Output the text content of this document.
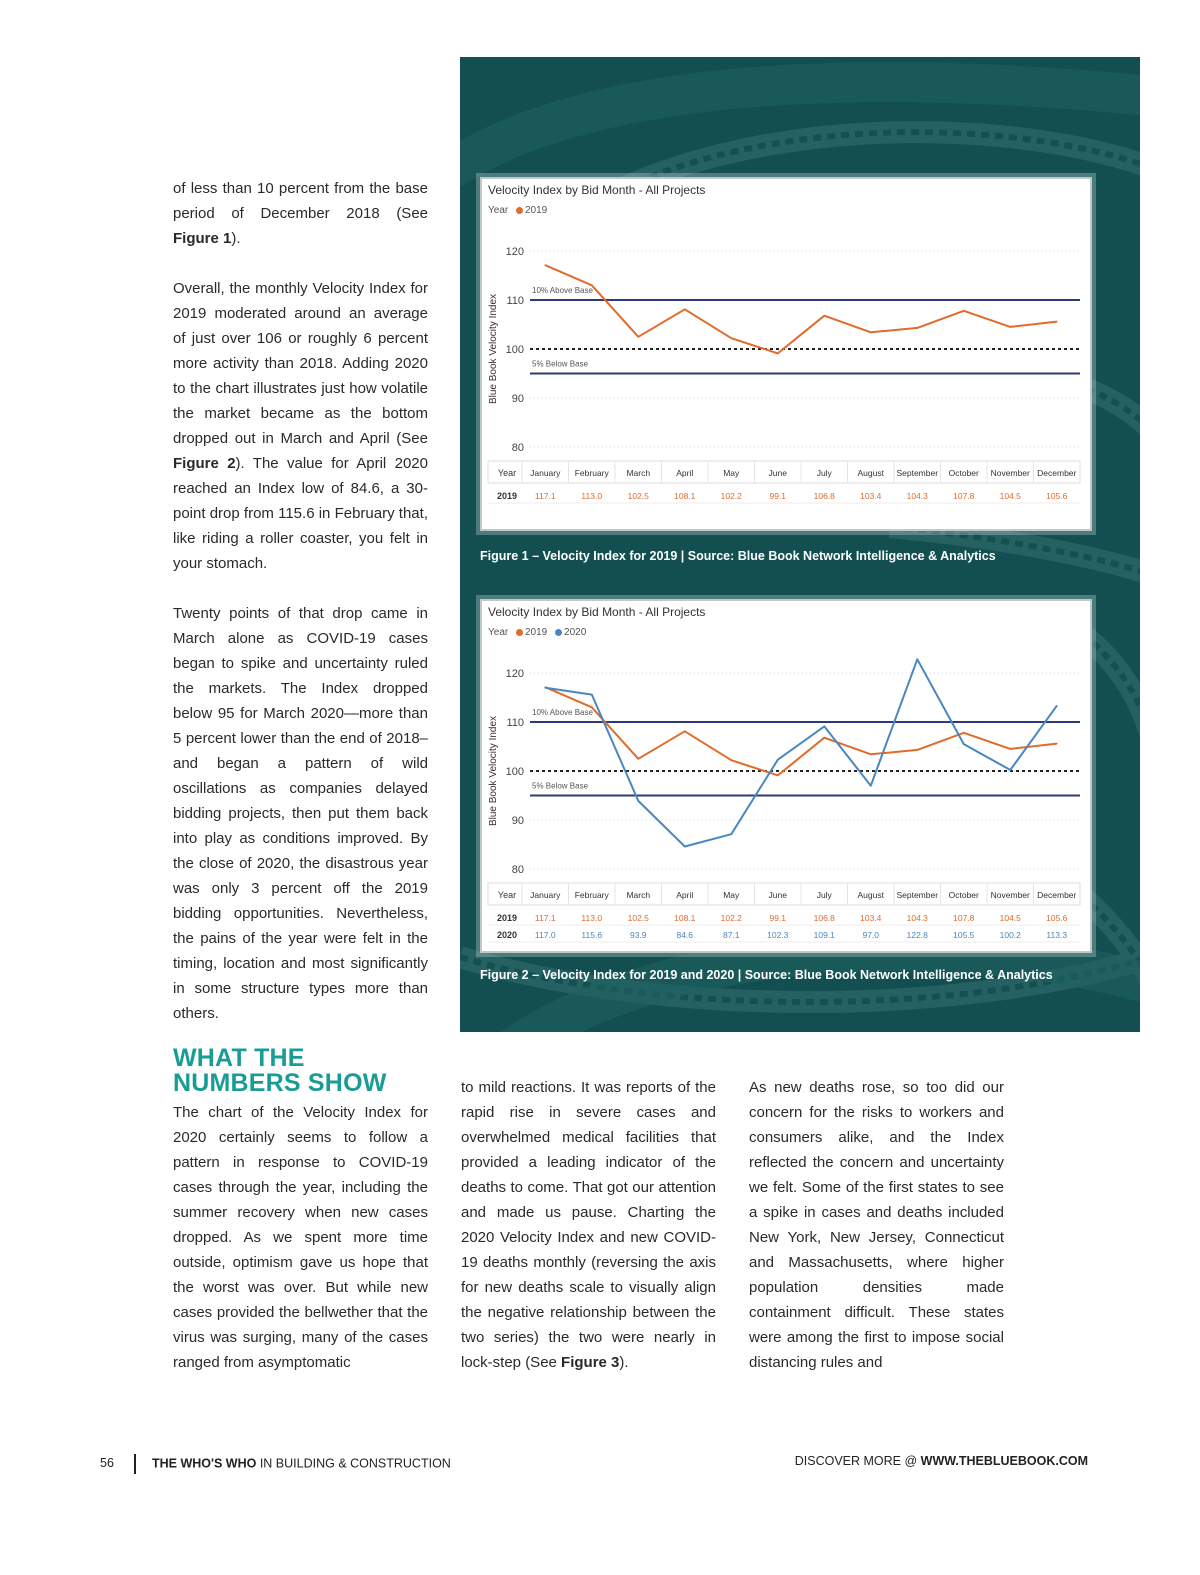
of less than 10 percent from the base period of December 2018 (See Figure 1).

Overall, the monthly Velocity Index for 2019 moderated around an average of just over 106 or roughly 6 percent more activity than 2018. Adding 2020 to the chart illustrates just how volatile the market became as the bottom dropped out in March and April (See Figure 2). The value for April 2020 reached an Index low of 84.6, a 30-point drop from 115.6 in February that, like riding a roller coaster, you felt in your stomach.

Twenty points of that drop came in March alone as COVID-19 cases began to spike and uncertainty ruled the markets. The Index dropped below 95 for March 2020—more than 5 percent lower than the end of 2018–and began a pattern of wild oscillations as companies delayed bidding projects, then put them back into play as conditions improved. By the close of 2020, the disastrous year was only 3 percent off the 2019 bidding opportunities. Nevertheless, the pains of the year were felt in the timing, location and most significantly in some structure types more than others.

WHAT THE
NUMBERS SHOW
The chart of the Velocity Index for 2020 certainly seems to follow a pattern in response to COVID-19 cases through the year, including the summer recovery when new cases dropped. As we spent more time outside, optimism gave us hope that the worst was over. But while new cases provided the bellwether that the virus was surging, many of the cases ranged from asymptomatic
to mild reactions. It was reports of the rapid rise in severe cases and overwhelmed medical facilities that provided a leading indicator of the deaths to come. That got our attention and made us pause. Charting the 2020 Velocity Index and new COVID-19 deaths monthly (reversing the axis for new deaths scale to visually align the negative relationship between the two series) the two were nearly in lock-step (See Figure 3).
As new deaths rose, so too did our concern for the risks to workers and consumers alike, and the Index reflected the concern and uncertainty we felt. Some of the first states to see a spike in cases and deaths included New York, New Jersey, Connecticut and Massachusetts, where higher population densities made containment difficult. These states were among the first to impose social distancing rules and
Velocity Index by Bid Month - All Projects
Year 2019
Blue Book Velocity Index
120
110
100
90
80
10% Above Base
5% Below Base
Year January February March	April	May	June	July	August September October November December
2019 117.1	113.0	102.5	108.1	102.2	99.1	106.8	103.4	104.3	107.8	104.5	105.6
Figure 1 – Velocity Index for 2019 | Source: Blue Book Network Intelligence & Analytics
Velocity Index by Bid Month - All Projects
Year 2019 2020
Blue Book Velocity Index
120
110
100
90
80
10% Above Base
5% Below Base
Year January February March	April	May	June	July	August September October November December
2019 117.1	113.0	102.5	108.1	102.2	99.1	106.8	103.4	104.3	107.8	104.5	105.6
2020 117.0	115.6	93.9	84.6	87.1	102.3	109.1	97.0	122.8	105.5	100.2	113.3
Figure 2 – Velocity Index for 2019 and 2020 | Source: Blue Book Network Intelligence & Analytics
56	THE WHO'S WHO IN BUILDING & CONSTRUCTION	DISCOVER MORE @ WWW.THEBLUEBOOK.COM
